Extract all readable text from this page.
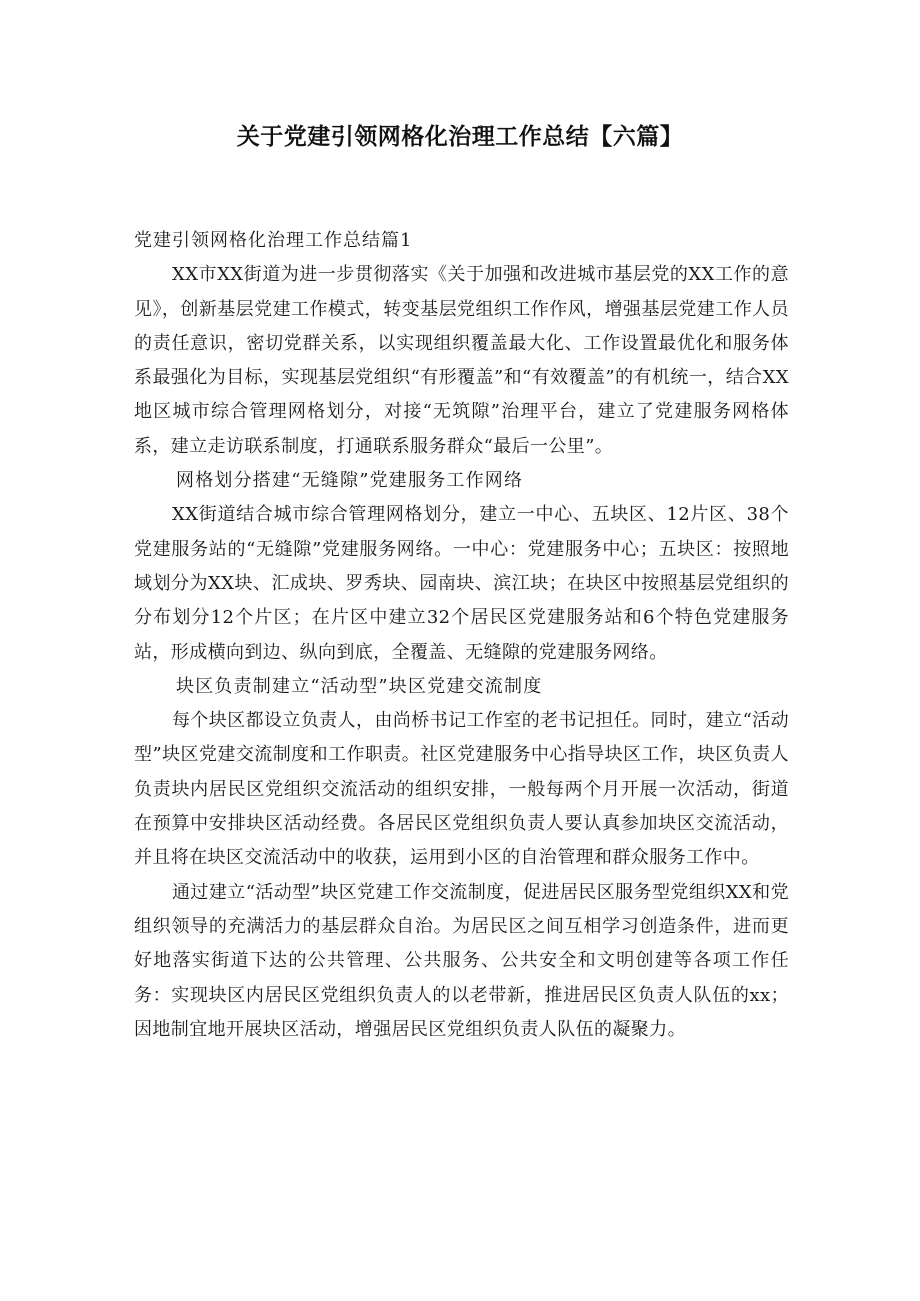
关于党建引领网格化治理工作总结【六篇】

党建引领网格化治理工作总结篇1

XX市XX街道为进一步贯彻落实《关于加强和改进城市基层党的XX工作的意见》，创新基层党建工作模式，转变基层党组织工作作风，增强基层党建工作人员的责任意识，密切党群关系，以实现组织覆盖最大化、工作设置最优化和服务体系最强化为目标，实现基层党组织“有形覆盖”和“有效覆盖”的有机统一，结合XX地区城市综合管理网格划分，对接“无筑隙”治理平台，建立了党建服务网格体系，建立走访联系制度，打通联系服务群众“最后一公里”。

网格划分搭建“无缝隙”党建服务工作网络

XX街道结合城市综合管理网格划分，建立一中心、五块区、12片区、38个党建服务站的“无缝隙”党建服务网络。一中心：党建服务中心；五块区：按照地域划分为XX块、汇成块、罗秀块、园南块、滨江块；在块区中按照基层党组织的分布划分12个片区；在片区中建立32个居民区党建服务站和6个特色党建服务站，形成横向到边、纵向到底，全覆盖、无缝隙的党建服务网络。

块区负责制建立“活动型”块区党建交流制度

每个块区都设立负责人，由尚桥书记工作室的老书记担任。同时，建立“活动型”块区党建交流制度和工作职责。社区党建服务中心指导块区工作，块区负责人负责块内居民区党组织交流活动的组织安排，一般每两个月开展一次活动，街道在预算中安排块区活动经费。各居民区党组织负责人要认真参加块区交流活动，并且将在块区交流活动中的收获，运用到小区的自治管理和群众服务工作中。

通过建立“活动型”块区党建工作交流制度，促进居民区服务型党组织XX和党组织领导的充满活力的基层群众自治。为居民区之间互相学习创造条件，进而更好地落实街道下达的公共管理、公共服务、公共安全和文明创建等各项工作任务：实现块区内居民区党组织负责人的以老带新，推进居民区负责人队伍的xx；因地制宜地开展块区活动，增强居民区党组织负责人队伍的凝聚力。
